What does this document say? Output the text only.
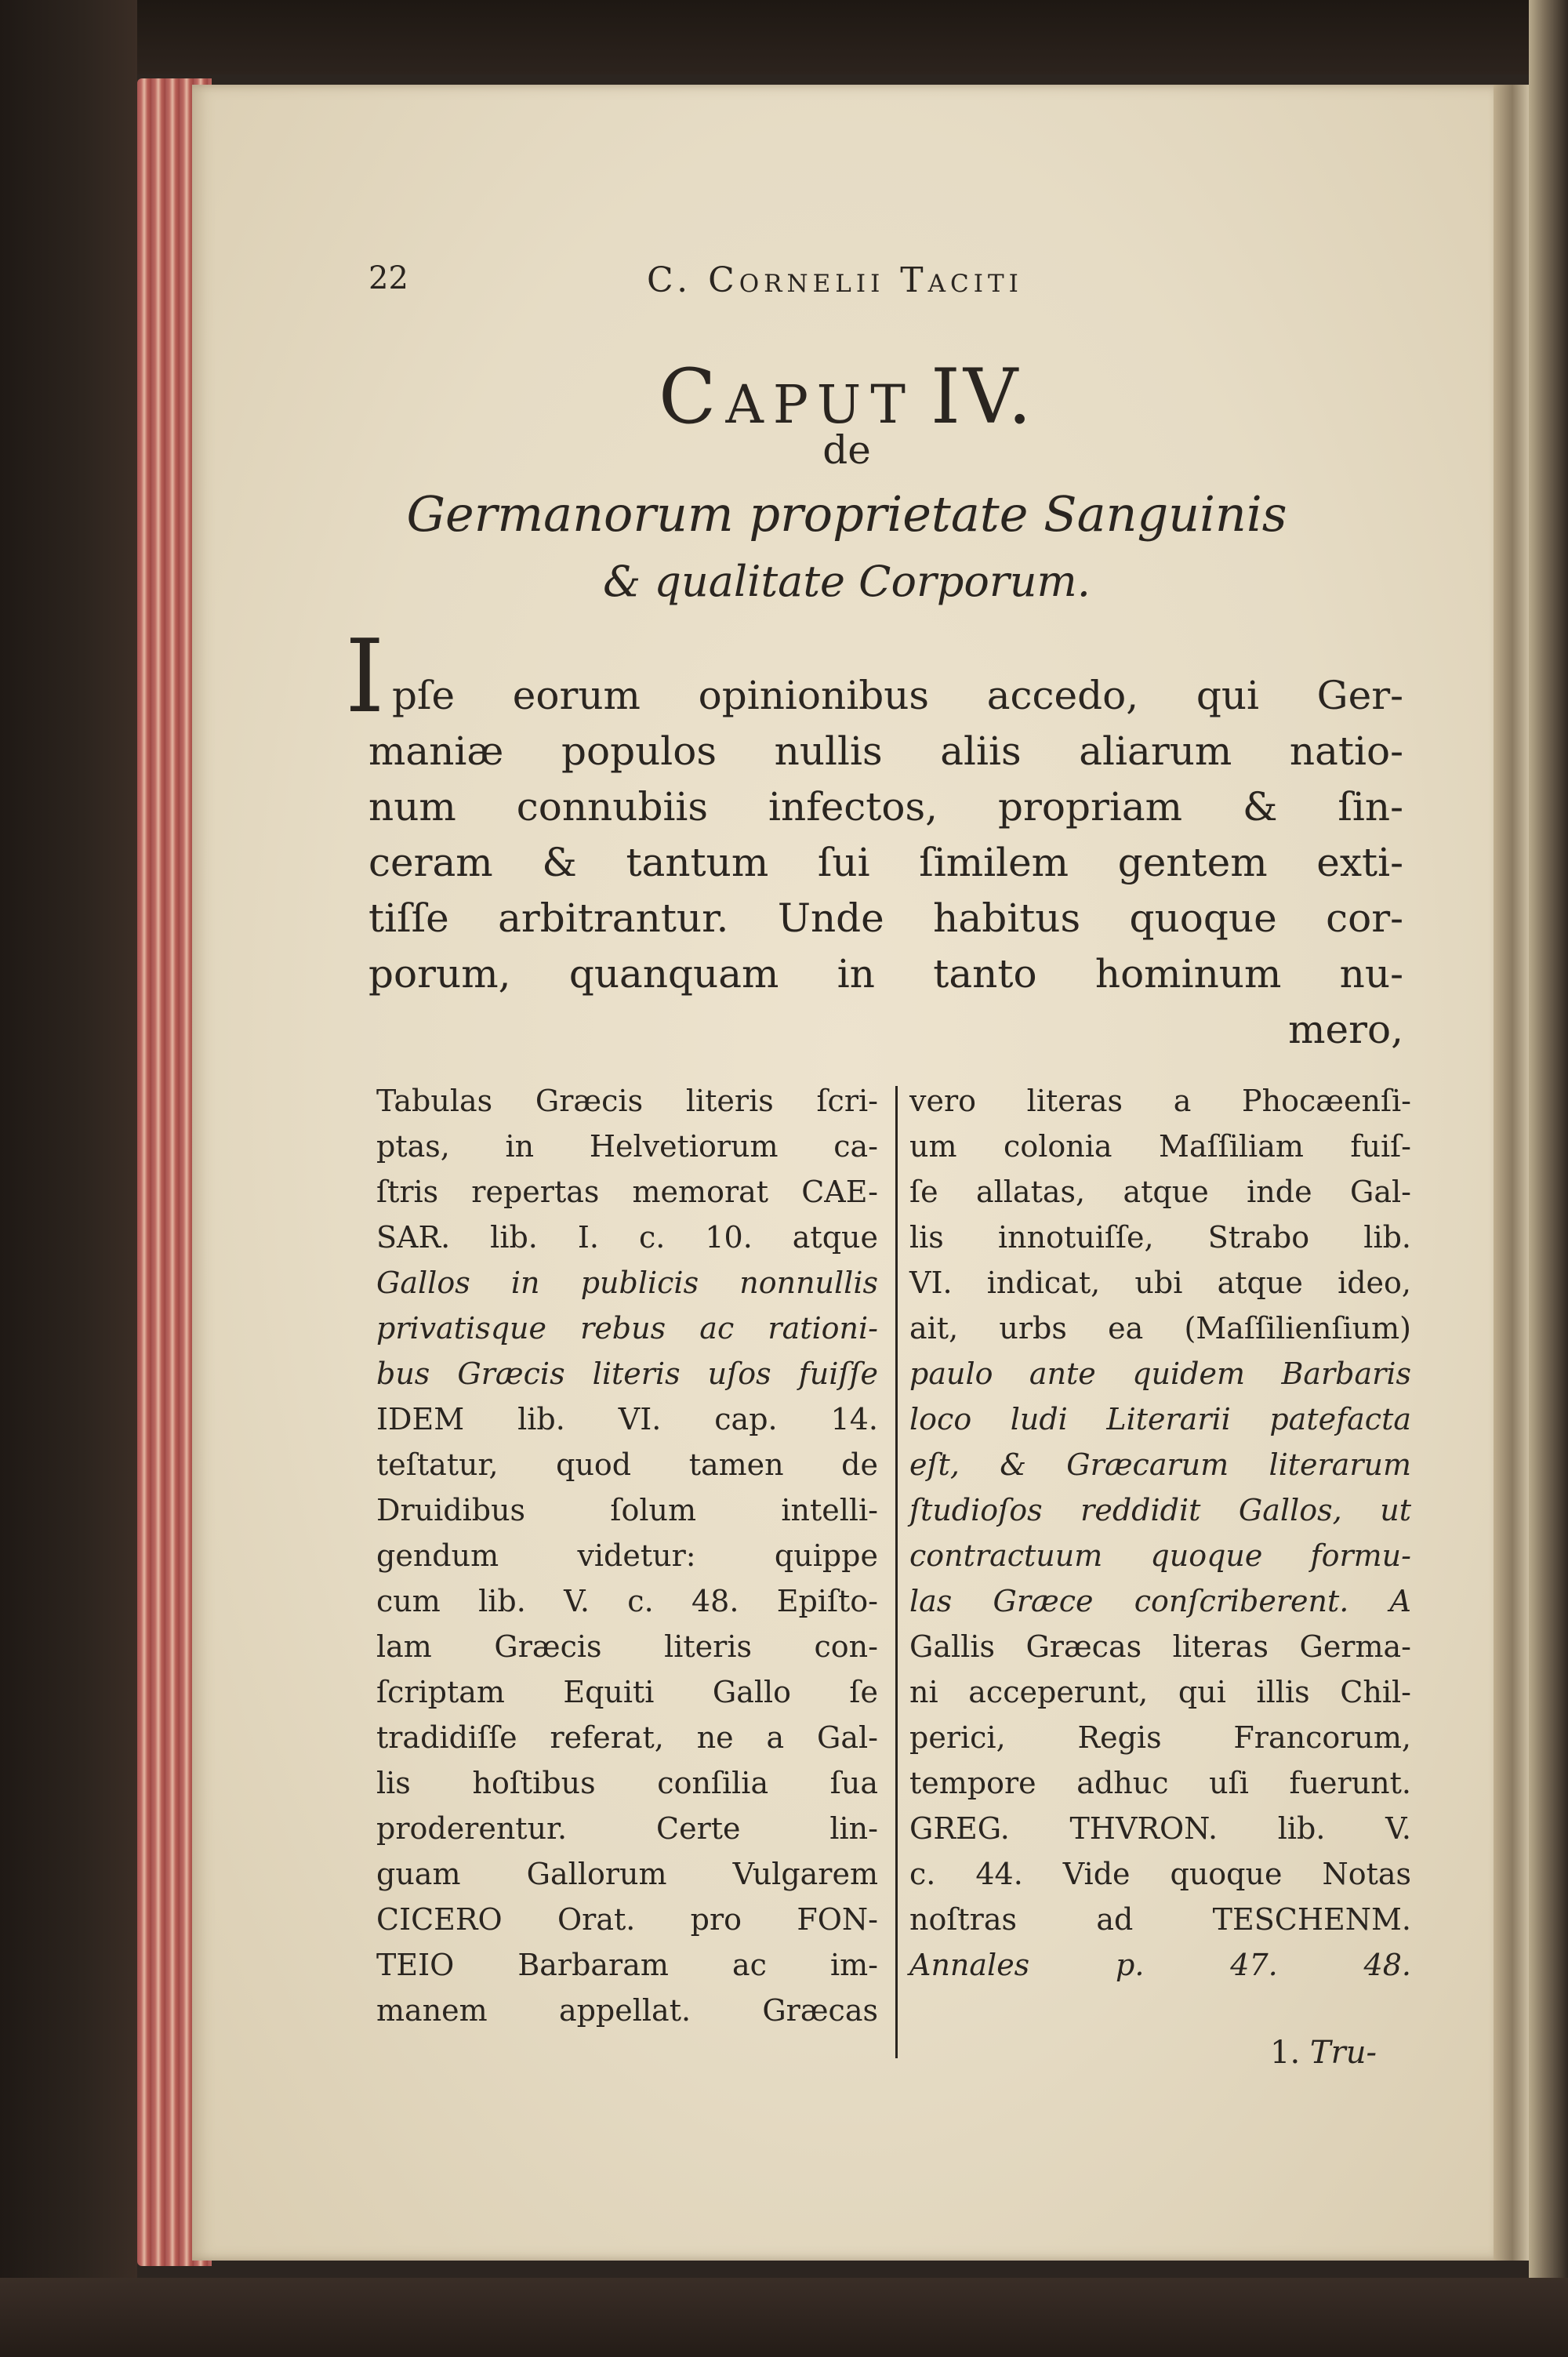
22	C. Cornelii Taciti
Caput IV.
de
Germanorum proprietate Sanguinis
& qualitate Corporum.
I pſe eorum opinionibus accedo, qui Ger-
maniæ populos nullis aliis aliarum natio-
num connubiis infectos, propriam & ſin-
ceram & tantum ſui ſimilem gentem exti-
tiſſe arbitrantur. Unde habitus quoque cor-
porum, quanquam in tanto hominum nu-
mero,
Tabulas Græcis literis ſcri-
ptas, in Helvetiorum ca-
ſtris repertas memorat CAE-
SAR. lib. I. c. 10. atque
Gallos in publicis nonnullis
privatisque rebus ac rationi-
bus Græcis literis uſos fuiſſe
IDEM lib. VI. cap. 14.
teſtatur, quod tamen de
Druidibus ſolum intelli-
gendum videtur: quippe
cum lib. V. c. 48. Epiſto-
lam Græcis literis con-
ſcriptam Equiti Gallo ſe
tradidiſſe referat, ne a Gal-
lis hoſtibus conſilia ſua
proderentur. Certe lin-
guam Gallorum Vulgarem
CICERO Orat. pro FON-
TEIO Barbaram ac im-
manem appellat. Græcas
vero literas a Phocæenſi-
um colonia Maſſiliam fuiſ-
ſe allatas, atque inde Gal-
lis innotuiſſe, Strabo lib.
VI. indicat, ubi atque ideo,
ait, urbs ea (Maſſilienſium)
paulo ante quidem Barbaris
loco ludi Literarii patefacta
eſt, & Græcarum literarum
ſtudioſos reddidit Gallos, ut
contractuum quoque formu-
las Græce conſcriberent. A
Gallis Græcas literas Germa-
ni acceperunt, qui illis Chil-
perici, Regis Francorum,
tempore adhuc uſi fuerunt.
GREG. THVRON. lib. V.
c. 44. Vide quoque Notas
noſtras ad TESCHENM.
Annales p. 47. 48.
1. Tru-
